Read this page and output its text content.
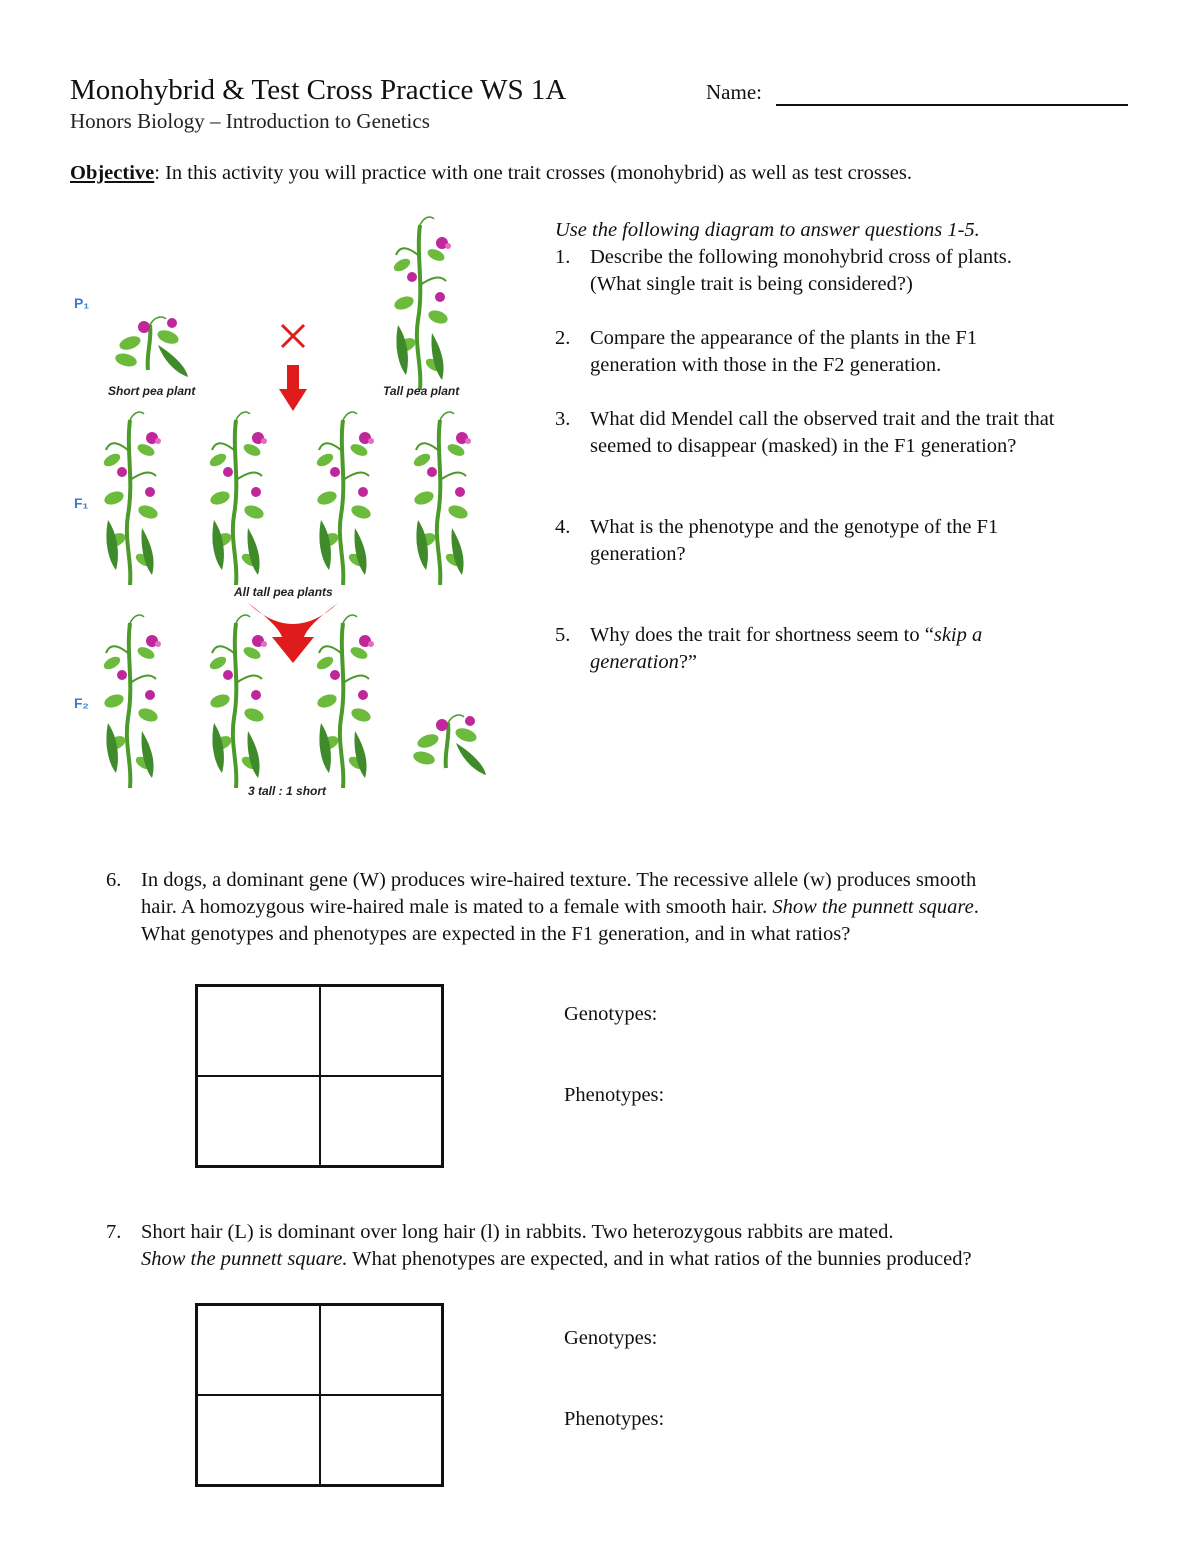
Monohybrid & Test Cross Practice WS 1A	Name:
Honors Biology – Introduction to Genetics
Objective: In this activity you will practice with one trait crosses (monohybrid) as well as test crosses.
P₁
Short pea plant	Tall pea plant
F₁
All tall pea plants
F₂
3 tall : 1 short
Use the following diagram to answer questions 1-5.
1. Describe the following monohybrid cross of plants.
(What single trait is being considered?)
2. Compare the appearance of the plants in the F1
generation with those in the F2 generation.
3. What did Mendel call the observed trait and the trait that
seemed to disappear (masked) in the F1 generation?
4. What is the phenotype and the genotype of the F1
generation?
5. Why does the trait for shortness seem to “skip a
generation?”
6. In dogs, a dominant gene (W) produces wire-haired texture. The recessive allele (w) produces smooth
hair. A homozygous wire-haired male is mated to a female with smooth hair. Show the punnett square.
What genotypes and phenotypes are expected in the F1 generation, and in what ratios?
Genotypes:
Phenotypes:
7. Short hair (L) is dominant over long hair (l) in rabbits. Two heterozygous rabbits are mated.
Show the punnett square. What phenotypes are expected, and in what ratios of the bunnies produced?
Genotypes:
Phenotypes:
